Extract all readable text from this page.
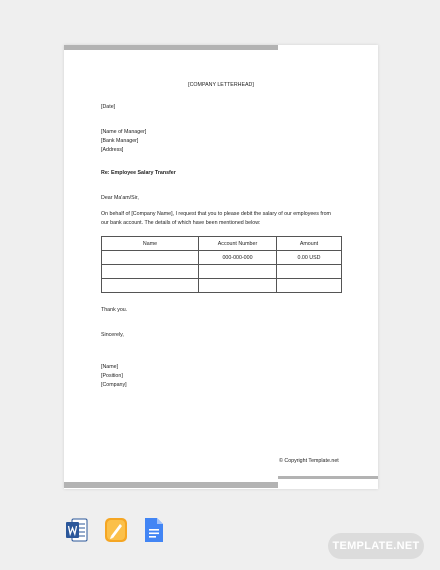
[COMPANY LETTERHEAD]
[Date]
[Name of Manager]
[Bank Manager]
[Address]
Re: Employee Salary Transfer
Dear Ma'am/Sir,
On behalf of [Company Name], I request that you to please debit the salary of our employees from
our bank account. The details of which have been mentioned below:
Name	Account Number	Amount
	000-000-000	0.00 USD

Thank you.
Sincerely,
[Name]
[Position]
[Company]
© Copyright Template.net
TEMPLATE.NET
